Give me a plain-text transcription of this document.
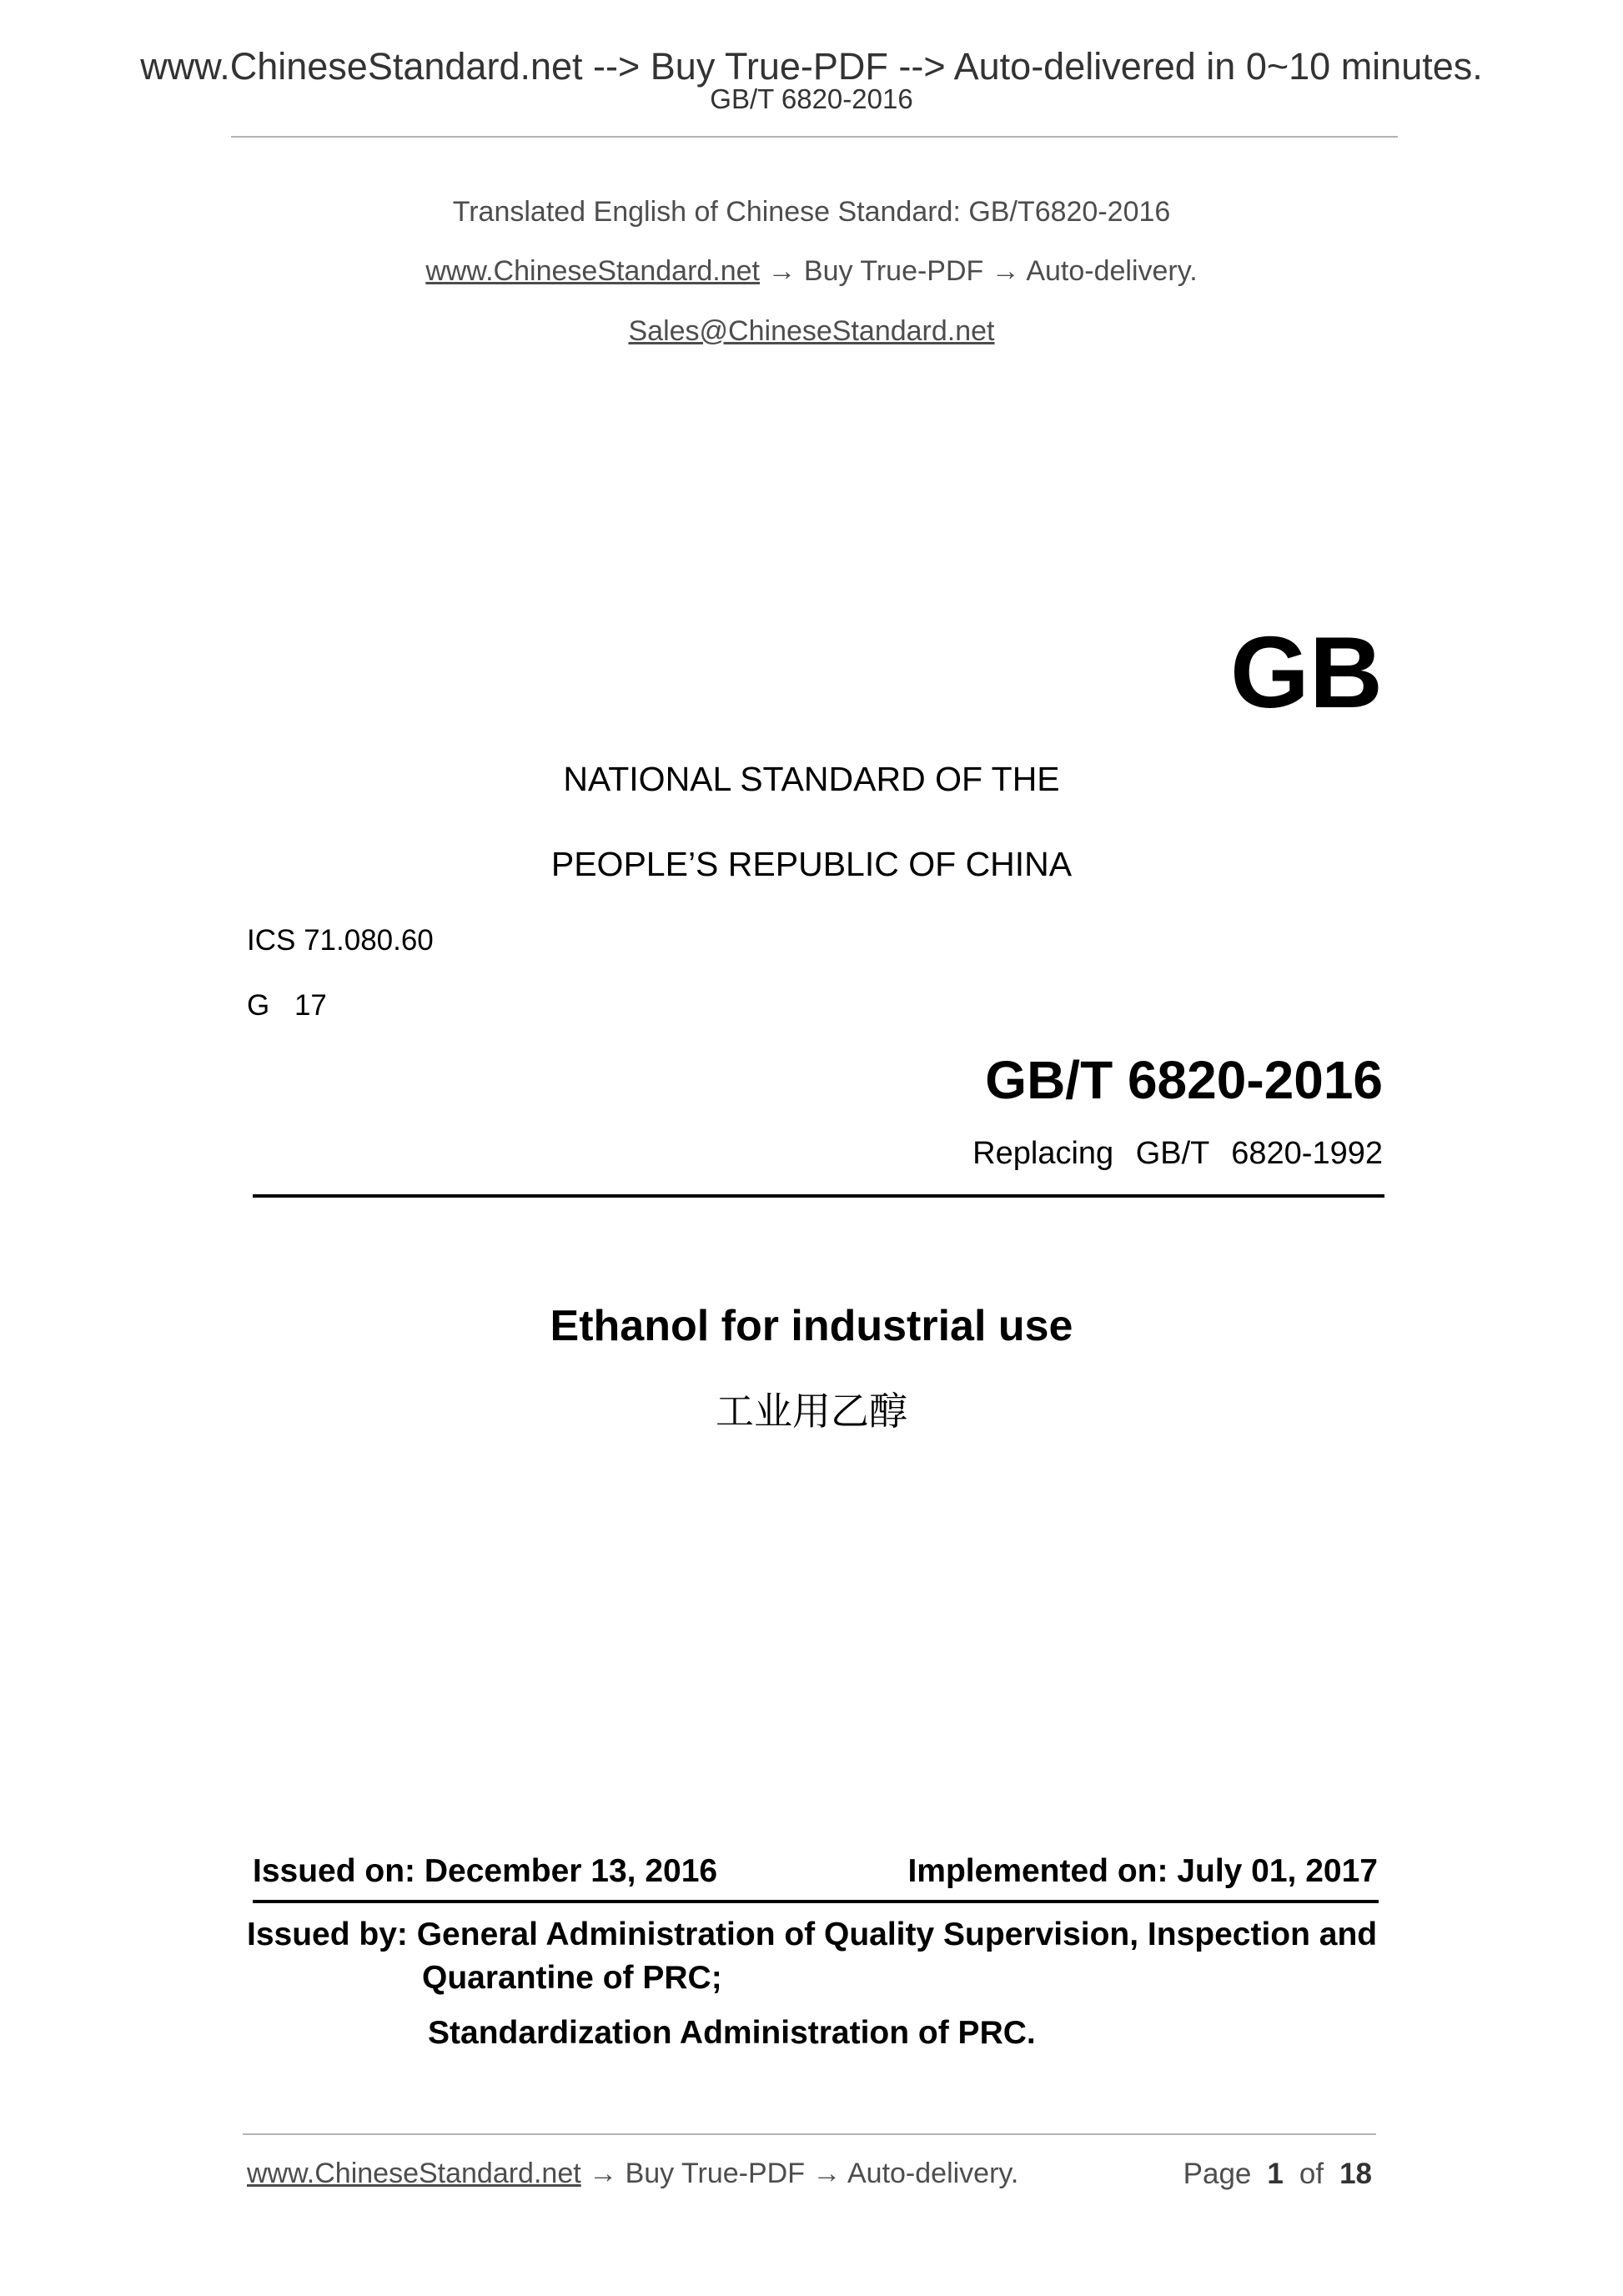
www.ChineseStandard.net --> Buy True-PDF --> Auto-delivered in 0~10 minutes.
GB/T 6820-2016
Translated English of Chinese Standard: GB/T6820-2016
www.ChineseStandard.net → Buy True-PDF → Auto-delivery.
Sales@ChineseStandard.net
GB
NATIONAL STANDARD OF THE
PEOPLE’S REPUBLIC OF CHINA
ICS 71.080.60
G 17
GB/T 6820-2016
Replacing GB/T 6820-1992
Ethanol for industrial use
工业用乙醇
Issued on: December 13, 2016	Implemented on: July 01, 2017
Issued by: General Administration of Quality Supervision, Inspection and
Quarantine of PRC;
Standardization Administration of PRC.
www.ChineseStandard.net → Buy True-PDF → Auto-delivery.	Page 1 of 18
